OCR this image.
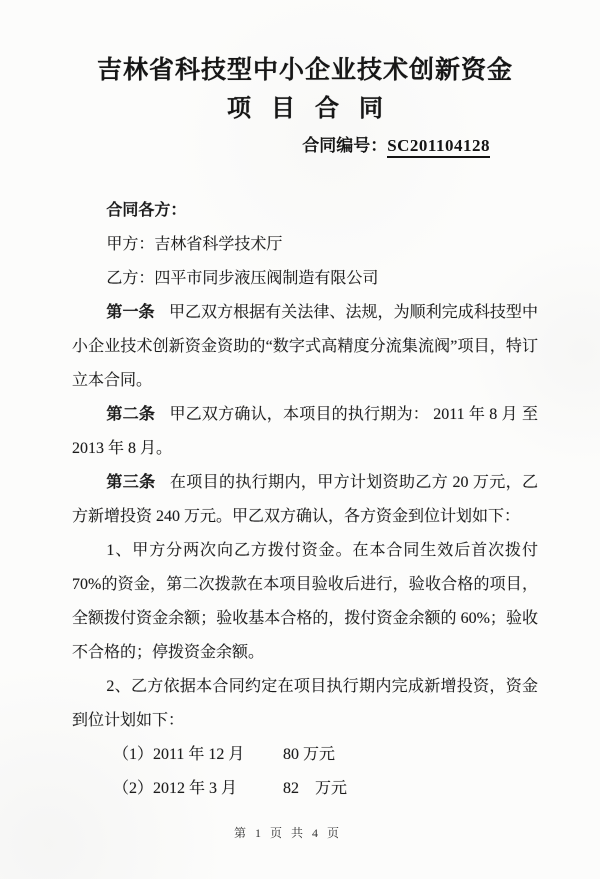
吉林省科技型中小企业技术创新资金
项目合同
合同编号：SC201104128

合同各方：

甲方：吉林省科学技术厅

乙方：四平市同步液压阀制造有限公司

第一条 甲乙双方根据有关法律、法规，为顺利完成科技型中小企业技术创新资金资助的“数字式高精度分流集流阀”项目，特订立本合同。

第二条 甲乙双方确认，本项目的执行期为： 2011 年 8 月 至 2013 年 8 月。

第三条 在项目的执行期内，甲方计划资助乙方 20 万元，乙方新增投资 240 万元。甲乙双方确认，各方资金到位计划如下：

1、甲方分两次向乙方拨付资金。在本合同生效后首次拨付 70%的资金，第二次拨款在本项目验收后进行，验收合格的项目，全额拨付资金余额；验收基本合格的，拨付资金余额的 60%；验收不合格的；停拨资金余额。

2、乙方依据本合同约定在项目执行期内完成新增投资，资金到位计划如下：

（1）2011 年 12 月 80 万元
（2）2012 年 3 月	82　万元
第 1 页 共 4 页
